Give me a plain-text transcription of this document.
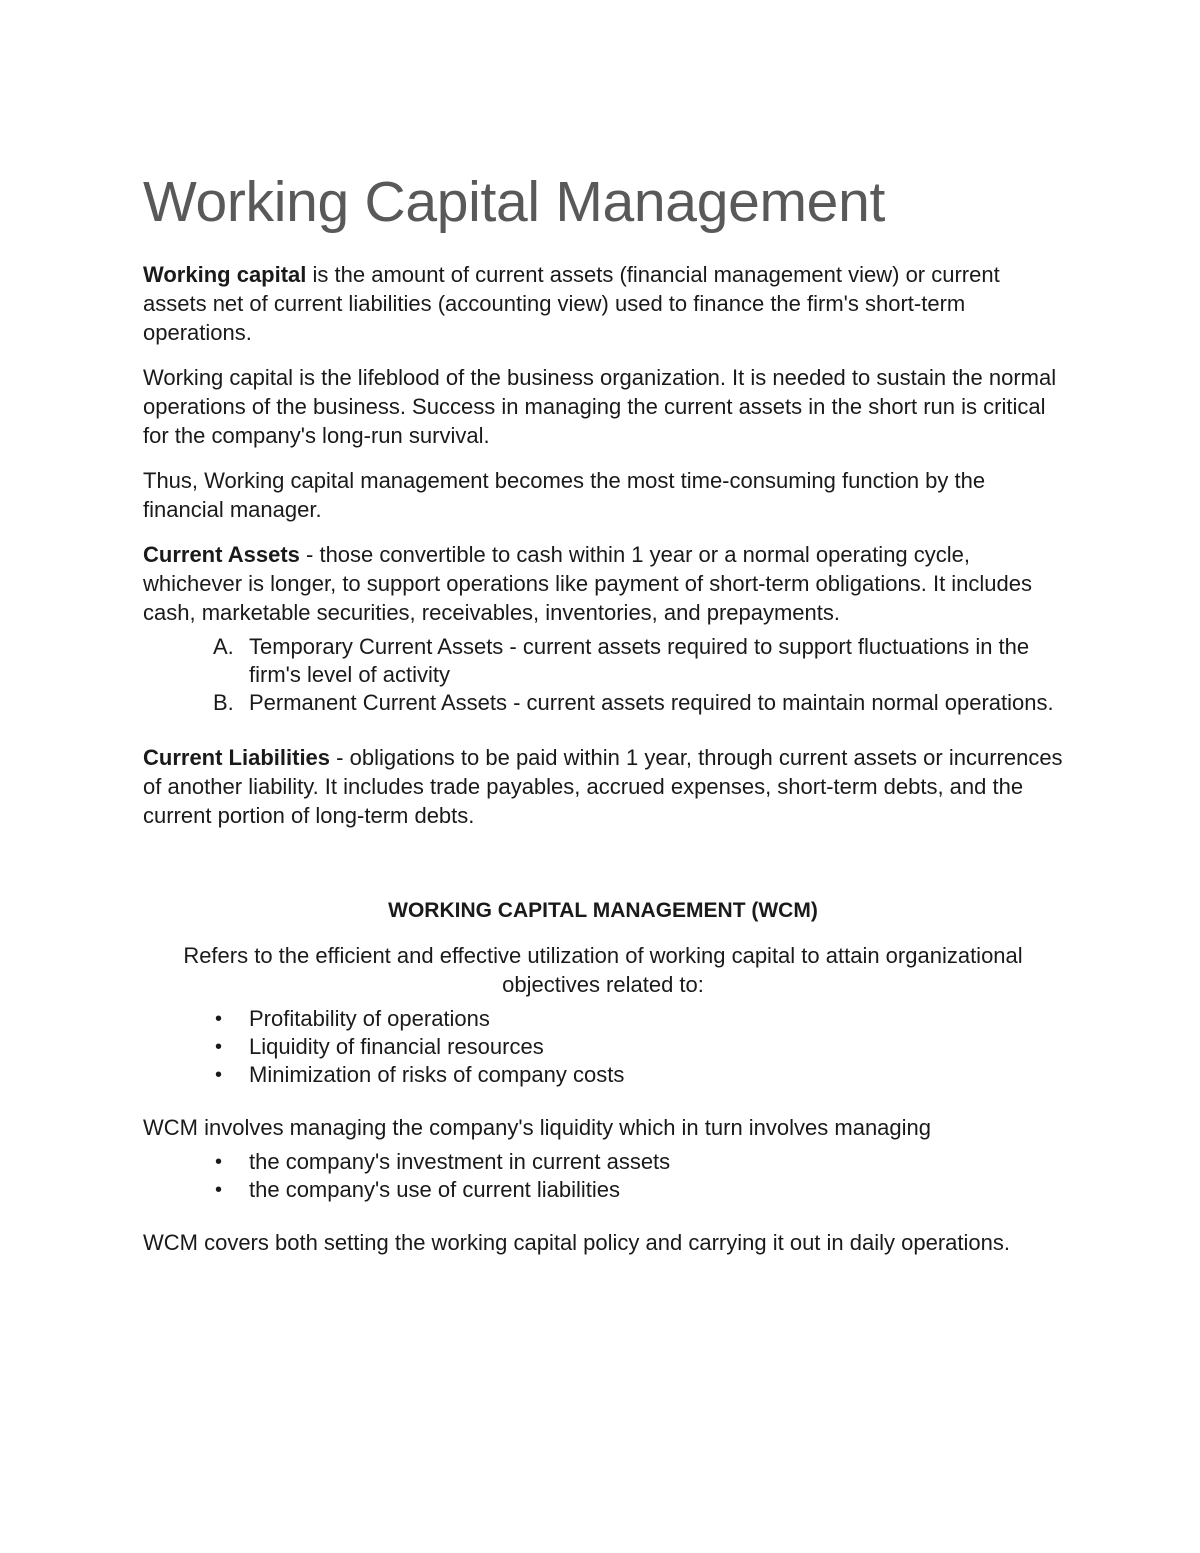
Working Capital Management

Working capital is the amount of current assets (financial management view) or current assets net of current liabilities (accounting view) used to finance the firm's short-term operations.

Working capital is the lifeblood of the business organization. It is needed to sustain the normal operations of the business. Success in managing the current assets in the short run is critical for the company's long-run survival.

Thus, Working capital management becomes the most time-consuming function by the financial manager.

Current Assets - those convertible to cash within 1 year or a normal operating cycle, whichever is longer, to support operations like payment of short-term obligations. It includes cash, marketable securities, receivables, inventories, and prepayments.

A. Temporary Current Assets - current assets required to support fluctuations in the firm's level of activity
B. Permanent Current Assets - current assets required to maintain normal operations.

Current Liabilities - obligations to be paid within 1 year, through current assets or incurrences of another liability. It includes trade payables, accrued expenses, short-term debts, and the current portion of long-term debts.

WORKING CAPITAL MANAGEMENT (WCM)

Refers to the efficient and effective utilization of working capital to attain organizational objectives related to:

• Profitability of operations
• Liquidity of financial resources
• Minimization of risks of company costs

WCM involves managing the company's liquidity which in turn involves managing

• the company's investment in current assets
• the company's use of current liabilities

WCM covers both setting the working capital policy and carrying it out in daily operations.
